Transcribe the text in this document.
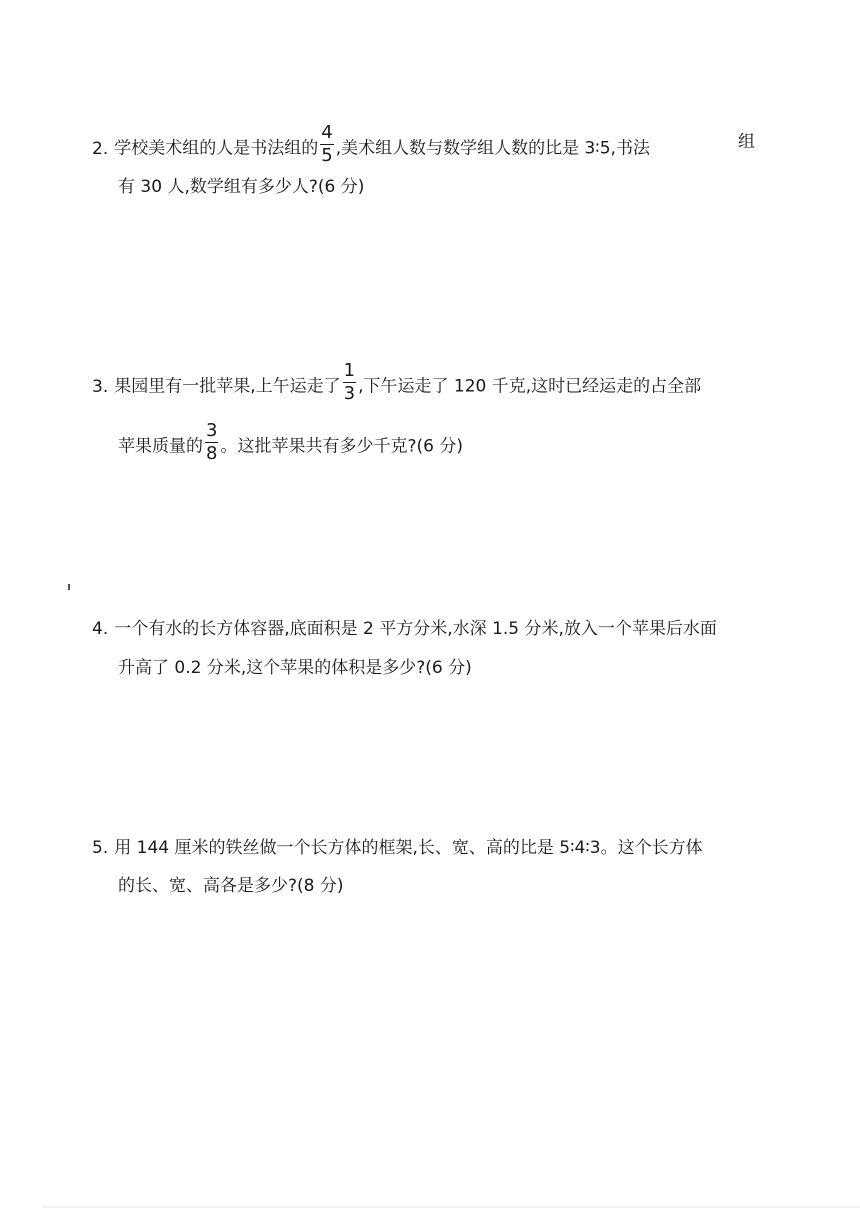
2. 学校美术组的人是书法组的 $\frac{4}{5}$ ,美术组人数与数学组人数的比是 3∶5,书法	组
有 30 人,数学组有多少人?(6 分)
3. 果园里有一批苹果,上午运走了 $\frac{1}{3}$ ,下午运走了 120 千克,这时已经运走的占全部
苹果质量的 $\frac{3}{8}$ 。这批苹果共有多少千克?(6 分)
4. 一个有水的长方体容器,底面积是 2 平方分米,水深 1.5 分米,放入一个苹果后水面
升高了 0.2 分米,这个苹果的体积是多少?(6 分)
5. 用 144 厘米的铁丝做一个长方体的框架,长、宽、高的比是 5∶4∶3。这个长方体
的长、宽、高各是多少?(8 分)
